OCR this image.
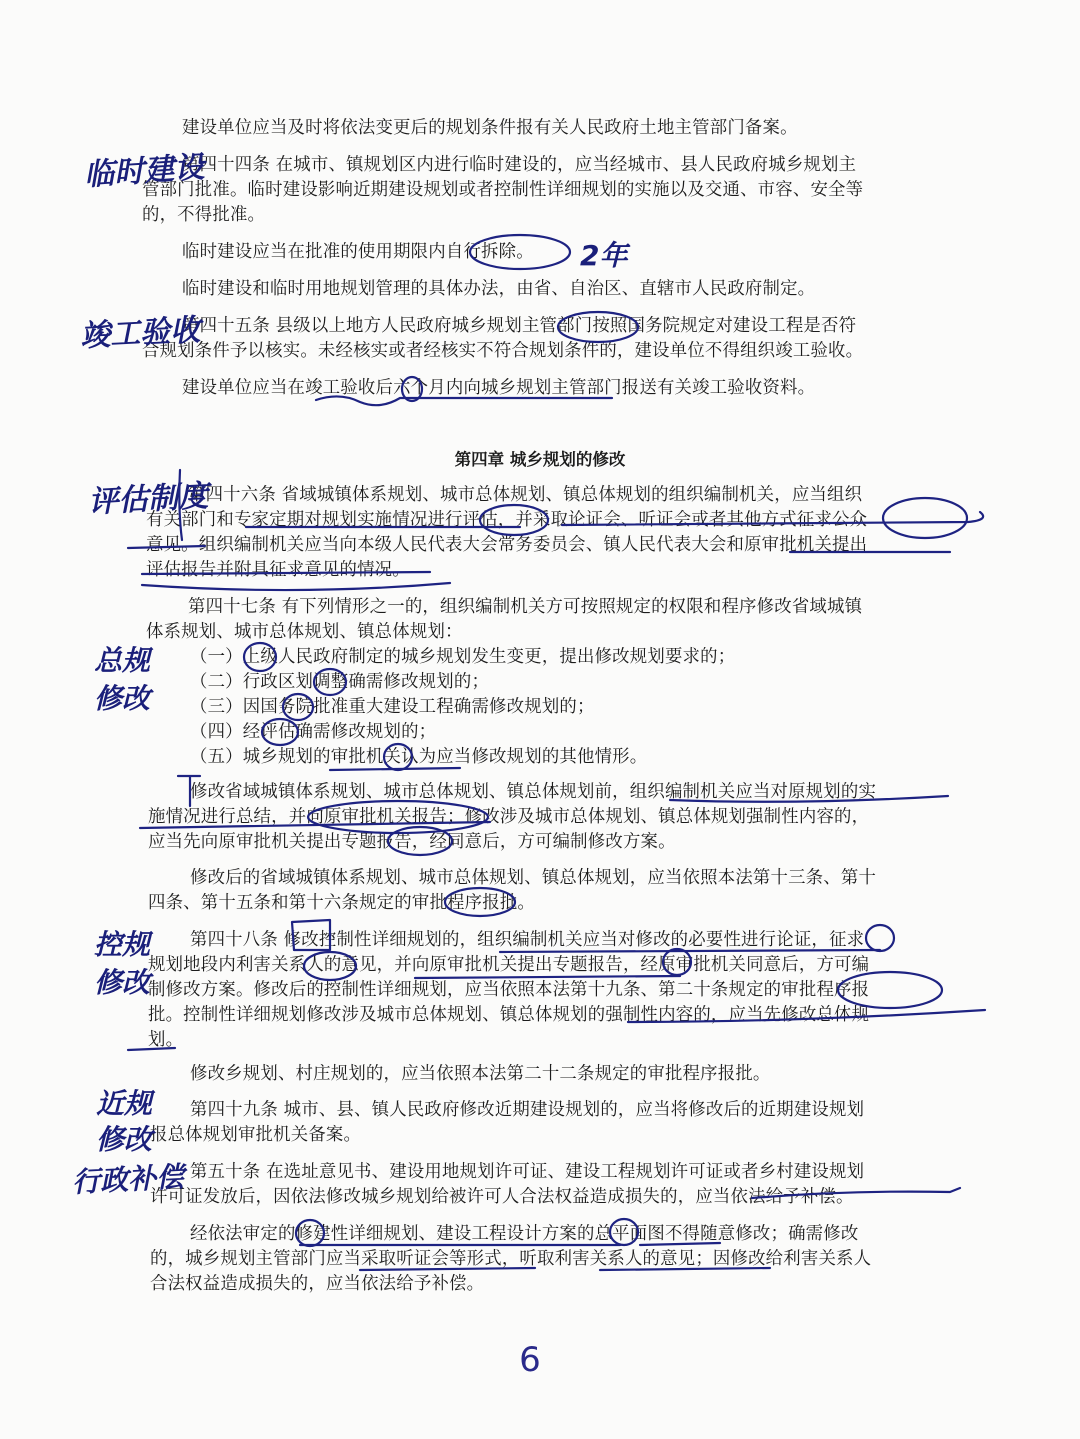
建设单位应当及时将依法变更后的规划条件报有关人民政府土地主管部门备案。
第四十四条 在城市、镇规划区内进行临时建设的，应当经城市、县人民政府城乡规划主
管部门批准。临时建设影响近期建设规划或者控制性详细规划的实施以及交通、市容、安全等
的，不得批准。
临时建设应当在批准的使用期限内自行拆除。
临时建设和临时用地规划管理的具体办法，由省、自治区、直辖市人民政府制定。
第四十五条 县级以上地方人民政府城乡规划主管部门按照国务院规定对建设工程是否符
合规划条件予以核实。未经核实或者经核实不符合规划条件的，建设单位不得组织竣工验收。
建设单位应当在竣工验收后六个月内向城乡规划主管部门报送有关竣工验收资料。
第四章 城乡规划的修改
第四十六条 省域城镇体系规划、城市总体规划、镇总体规划的组织编制机关，应当组织
有关部门和专家定期对规划实施情况进行评估，并采取论证会、听证会或者其他方式征求公众
意见。组织编制机关应当向本级人民代表大会常务委员会、镇人民代表大会和原审批机关提出
评估报告并附具征求意见的情况。
第四十七条 有下列情形之一的，组织编制机关方可按照规定的权限和程序修改省域城镇
体系规划、城市总体规划、镇总体规划：
（一）上级人民政府制定的城乡规划发生变更，提出修改规划要求的；
（二）行政区划调整确需修改规划的；
（三）因国务院批准重大建设工程确需修改规划的；
（四）经评估确需修改规划的；
（五）城乡规划的审批机关认为应当修改规划的其他情形。
修改省域城镇体系规划、城市总体规划、镇总体规划前，组织编制机关应当对原规划的实
施情况进行总结，并向原审批机关报告；修改涉及城市总体规划、镇总体规划强制性内容的，
应当先向原审批机关提出专题报告，经同意后，方可编制修改方案。
修改后的省域城镇体系规划、城市总体规划、镇总体规划，应当依照本法第十三条、第十
四条、第十五条和第十六条规定的审批程序报批。
第四十八条 修改控制性详细规划的，组织编制机关应当对修改的必要性进行论证，征求
规划地段内利害关系人的意见，并向原审批机关提出专题报告，经原审批机关同意后，方可编
制修改方案。修改后的控制性详细规划，应当依照本法第十九条、第二十条规定的审批程序报
批。控制性详细规划修改涉及城市总体规划、镇总体规划的强制性内容的，应当先修改总体规
划。
修改乡规划、村庄规划的，应当依照本法第二十二条规定的审批程序报批。
第四十九条 城市、县、镇人民政府修改近期建设规划的，应当将修改后的近期建设规划
报总体规划审批机关备案。
第五十条 在选址意见书、建设用地规划许可证、建设工程规划许可证或者乡村建设规划
许可证发放后，因依法修改城乡规划给被许可人合法权益造成损失的，应当依法给予补偿。
经依法审定的修建性详细规划、建设工程设计方案的总平面图不得随意修改；确需修改
的，城乡规划主管部门应当采取听证会等形式，听取利害关系人的意见；因修改给利害关系人
合法权益造成损失的，应当依法给予补偿。
6
临时建设
2年
竣工验收
评估制度
总规修改
控规修改
近规修改
行政补偿
